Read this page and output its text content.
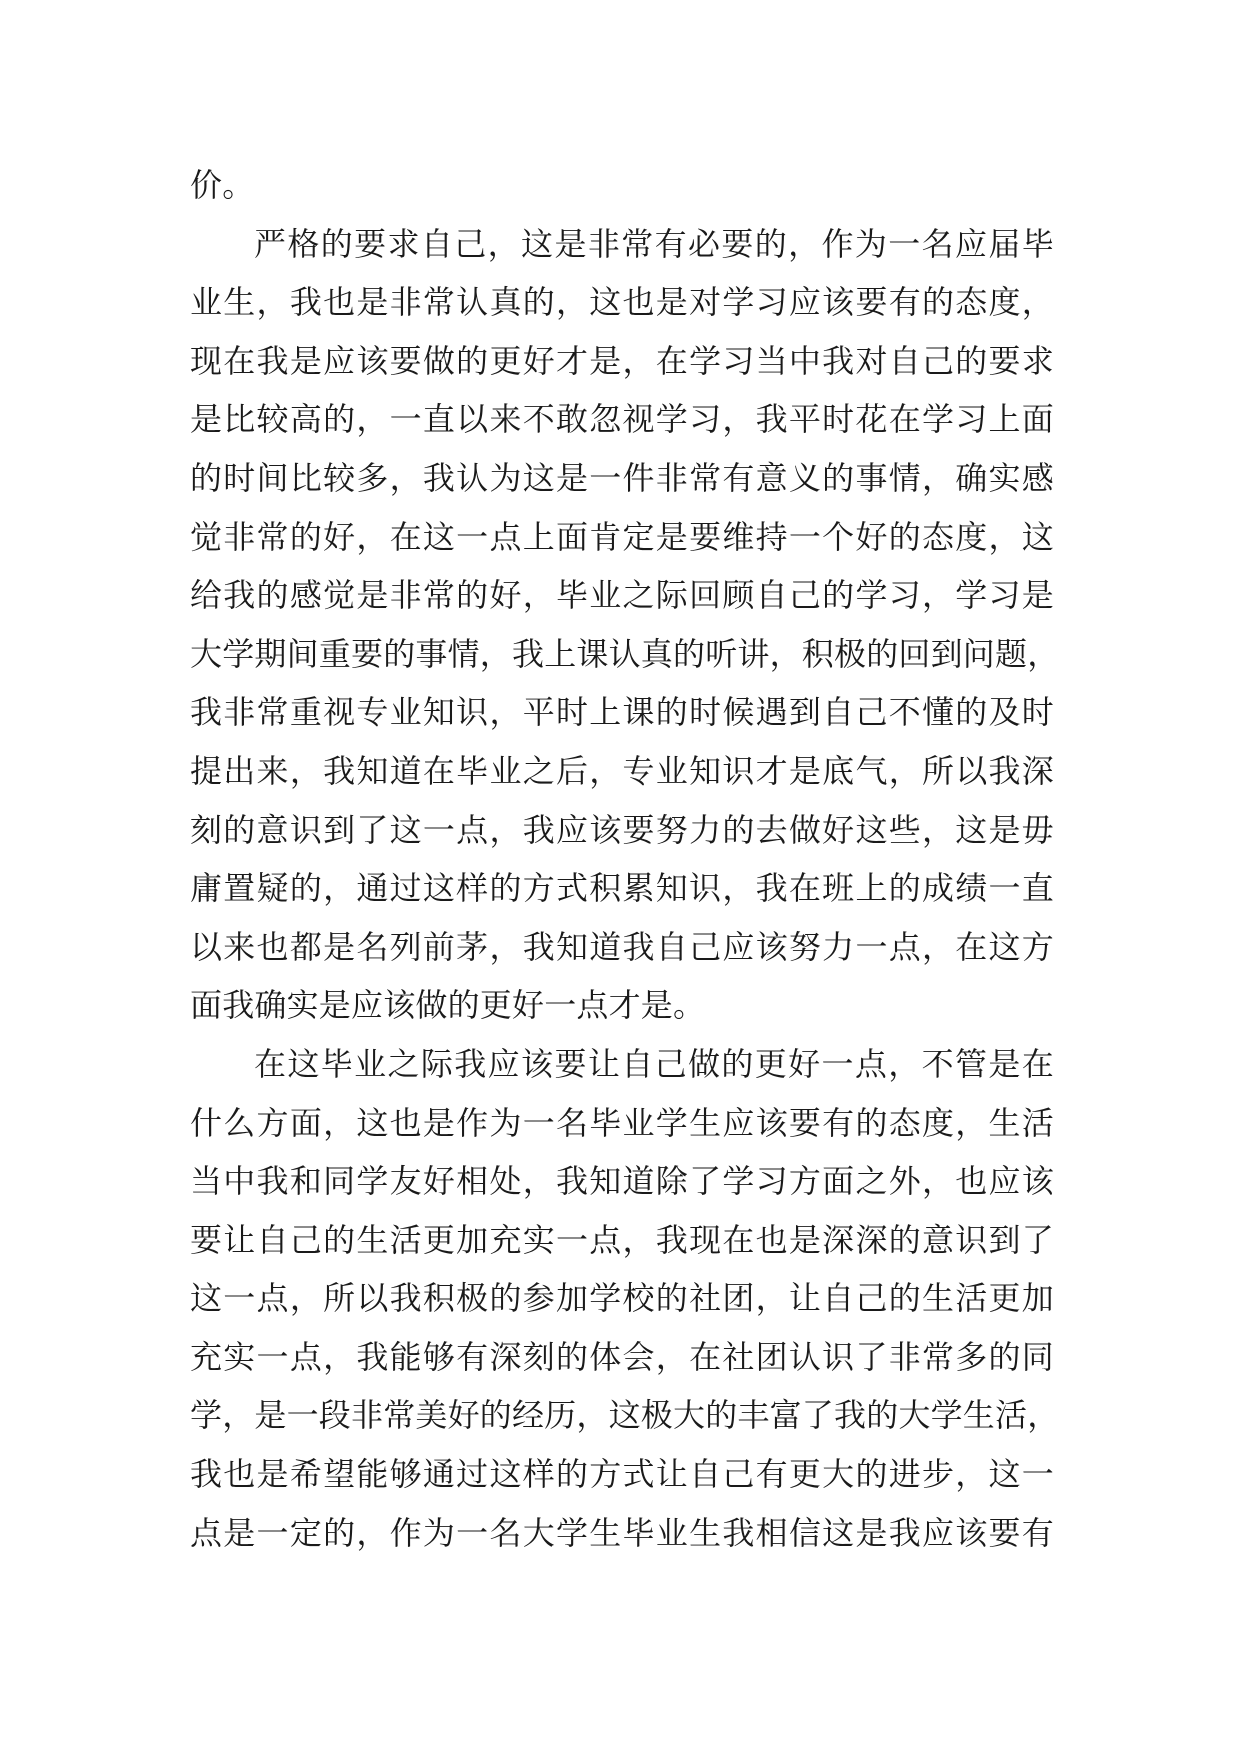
价。
严格的要求自己，这是非常有必要的，作为一名应届毕
业生，我也是非常认真的，这也是对学习应该要有的态度，
现在我是应该要做的更好才是，在学习当中我对自己的要求
是比较高的，一直以来不敢忽视学习，我平时花在学习上面
的时间比较多，我认为这是一件非常有意义的事情，确实感
觉非常的好，在这一点上面肯定是要维持一个好的态度，这
给我的感觉是非常的好，毕业之际回顾自己的学习，学习是
大学期间重要的事情，我上课认真的听讲，积极的回到问题，
我非常重视专业知识，平时上课的时候遇到自己不懂的及时
提出来，我知道在毕业之后，专业知识才是底气，所以我深
刻的意识到了这一点，我应该要努力的去做好这些，这是毋
庸置疑的，通过这样的方式积累知识，我在班上的成绩一直
以来也都是名列前茅，我知道我自己应该努力一点，在这方
面我确实是应该做的更好一点才是。
在这毕业之际我应该要让自己做的更好一点，不管是在
什么方面，这也是作为一名毕业学生应该要有的态度，生活
当中我和同学友好相处，我知道除了学习方面之外，也应该
要让自己的生活更加充实一点，我现在也是深深的意识到了
这一点，所以我积极的参加学校的社团，让自己的生活更加
充实一点，我能够有深刻的体会，在社团认识了非常多的同
学，是一段非常美好的经历，这极大的丰富了我的大学生活，
我也是希望能够通过这样的方式让自己有更大的进步，这一
点是一定的，作为一名大学生毕业生我相信这是我应该要有
